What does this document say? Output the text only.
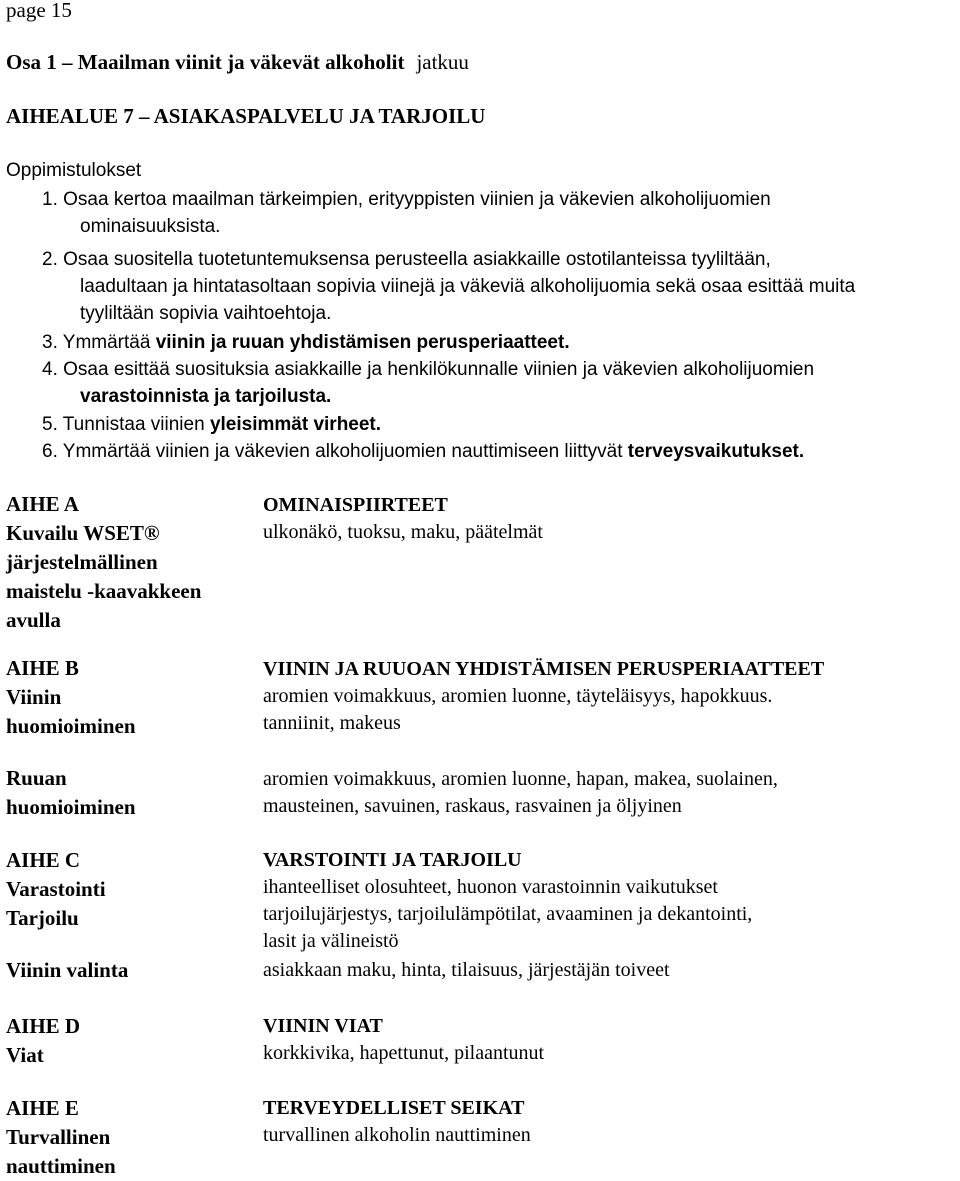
page 15
Osa 1 – Maailman viinit ja väkevät alkoholit jatkuu
AIHEALUE 7 – ASIAKASPALVELU JA TARJOILU
Oppimistulokset
1. Osaa kertoa maailman tärkeimpien, erityyppisten viinien ja väkevien alkoholijuomien
ominaisuuksista.
2. Osaa suositella tuotetuntemuksensa perusteella asiakkaille ostotilanteissa tyyliltään,
laadultaan ja hintatasoltaan sopivia viinejä ja väkeviä alkoholijuomia sekä osaa esittää muita
tyyliltään sopivia vaihtoehtoja.
3. Ymmärtää viinin ja ruuan yhdistämisen perusperiaatteet.
4. Osaa esittää suosituksia asiakkaille ja henkilökunnalle viinien ja väkevien alkoholijuomien
varastoinnista ja tarjoilusta.
5. Tunnistaa viinien yleisimmät virheet.
6. Ymmärtää viinien ja väkevien alkoholijuomien nauttimiseen liittyvät terveysvaikutukset.
AIHE A
Kuvailu WSET®
järjestelmällinen
maistelu -kaavakkeen
avulla
OMINAISPIIRTEET
ulkonäkö, tuoksu, maku, päätelmät
AIHE B
Viinin
huomioiminen
VIININ JA RUUOAN YHDISTÄMISEN PERUSPERIAATTEET
aromien voimakkuus, aromien luonne, täyteläisyys, hapokkuus.
tanniinit, makeus
Ruuan
huomioiminen
aromien voimakkuus, aromien luonne, hapan, makea, suolainen,
mausteinen, savuinen, raskaus, rasvainen ja öljyinen
AIHE C
Varastointi
Tarjoilu
VARSTOINTI JA TARJOILU
ihanteelliset olosuhteet, huonon varastoinnin vaikutukset
tarjoilujärjestys, tarjoilulämpötilat, avaaminen ja dekantointi,
lasit ja välineistö
Viinin valinta	asiakkaan maku, hinta, tilaisuus, järjestäjän toiveet
AIHE D
Viat
VIININ VIAT
korkkivika, hapettunut, pilaantunut
AIHE E
Turvallinen
nauttiminen
TERVEYDELLISET SEIKAT
turvallinen alkoholin nauttiminen
